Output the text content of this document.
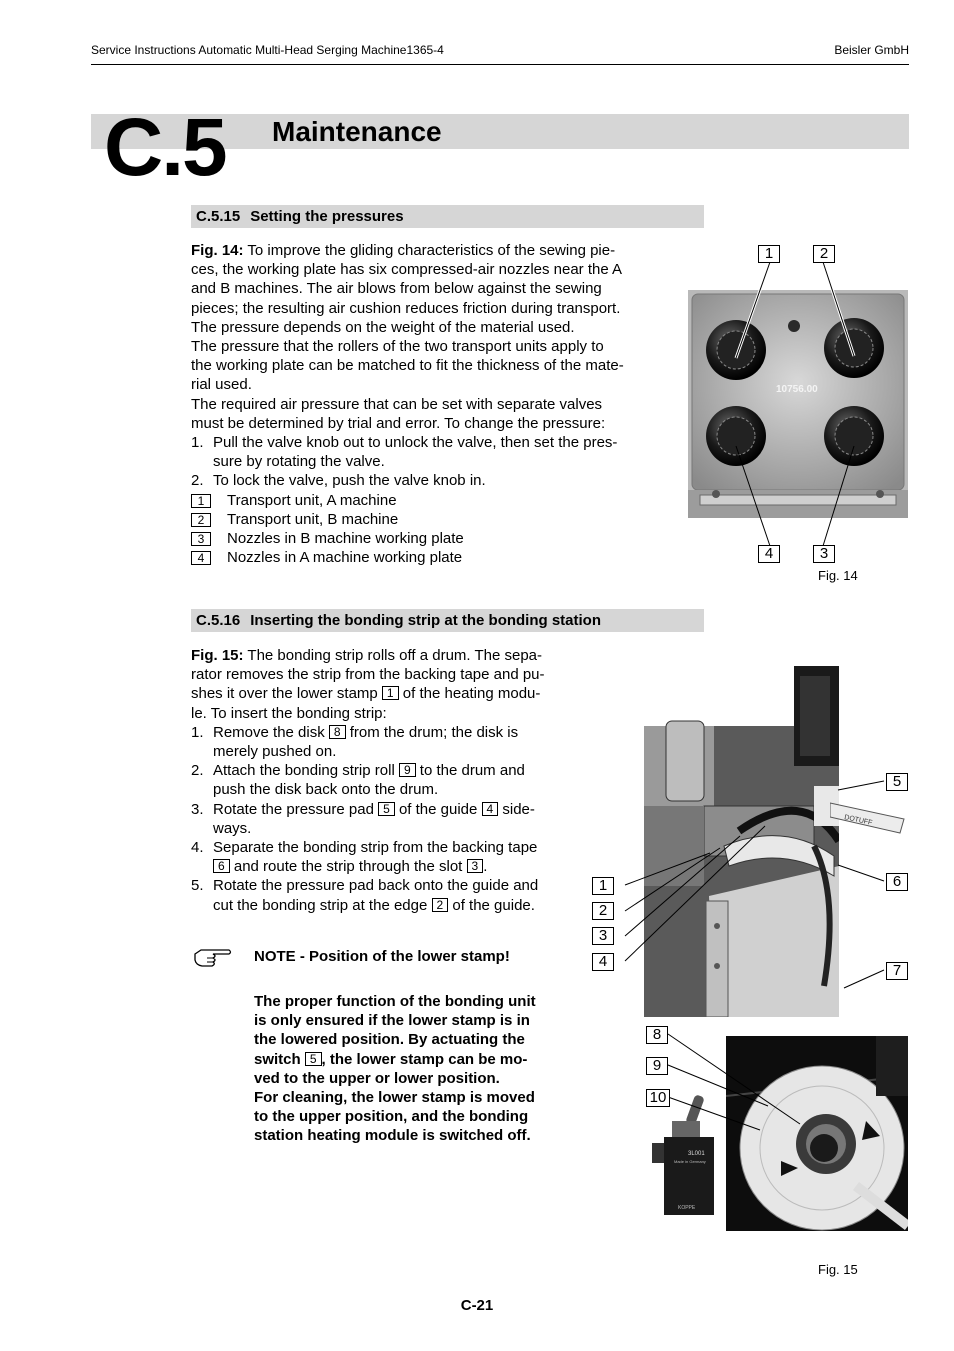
Service Instructions Automatic Multi-Head Serging Machine1365-4	Beisler GmbH
C.5 Maintenance
C.5.15 Setting the pressures

Fig. 14: To improve the gliding characteristics of the sewing pie-

ces, the working plate has six compressed-air nozzles near the A

and B machines. The air blows from below against the sewing

pieces; the resulting air cushion reduces friction during transport.

The pressure depends on the weight of the material used.

The pressure that the rollers of the two transport units apply to

the working plate can be matched to fit the thickness of the mate-

rial used.

The required air pressure that can be set with separate valves

must be determined by trial and error. To change the pressure:

1. Pull the valve knob out to unlock the valve, then set the pres-
sure by rotating the valve.
2. To lock the valve, push the valve knob in.
1	Transport unit, A machine
2	Transport unit, B machine
3	Nozzles in B machine working plate
4	Nozzles in A machine working plate
10756.00
1	2
4	3
Fig. 14
C.5.16 Inserting the bonding strip at the bonding station

Fig. 15: The bonding strip rolls off a drum. The sepa-

rator removes the strip from the backing tape and pu-

shes it over the lower stamp 1 of the heating modu-

le. To insert the bonding strip:

1. Remove the disk 8 from the drum; the disk is
merely pushed on.
2. Attach the bonding strip roll 9 to the drum and
push the disk back onto the drum.
3. Rotate the pressure pad 5 of the guide 4 side-
ways.
4. Separate the bonding strip from the backing tape
6 and route the strip through the slot 3 .
5. Rotate the pressure pad back onto the guide and
cut the bonding strip at the edge 2 of the guide.
NOTE - Position of the lower stamp!
The proper function of the bonding unit
is only ensured if the lower stamp is in
the lowered position. By actuating the
switch 5 , the lower stamp can be mo-
ved to the upper or lower position.
For cleaning, the lower stamp is moved
to the upper position, and the bonding
station heating module is switched off.
DOTUFF
3L001
Made in Germany
KOPPE
5
6
7
1
2
3
4
8
9
10
Fig. 15
C-21
